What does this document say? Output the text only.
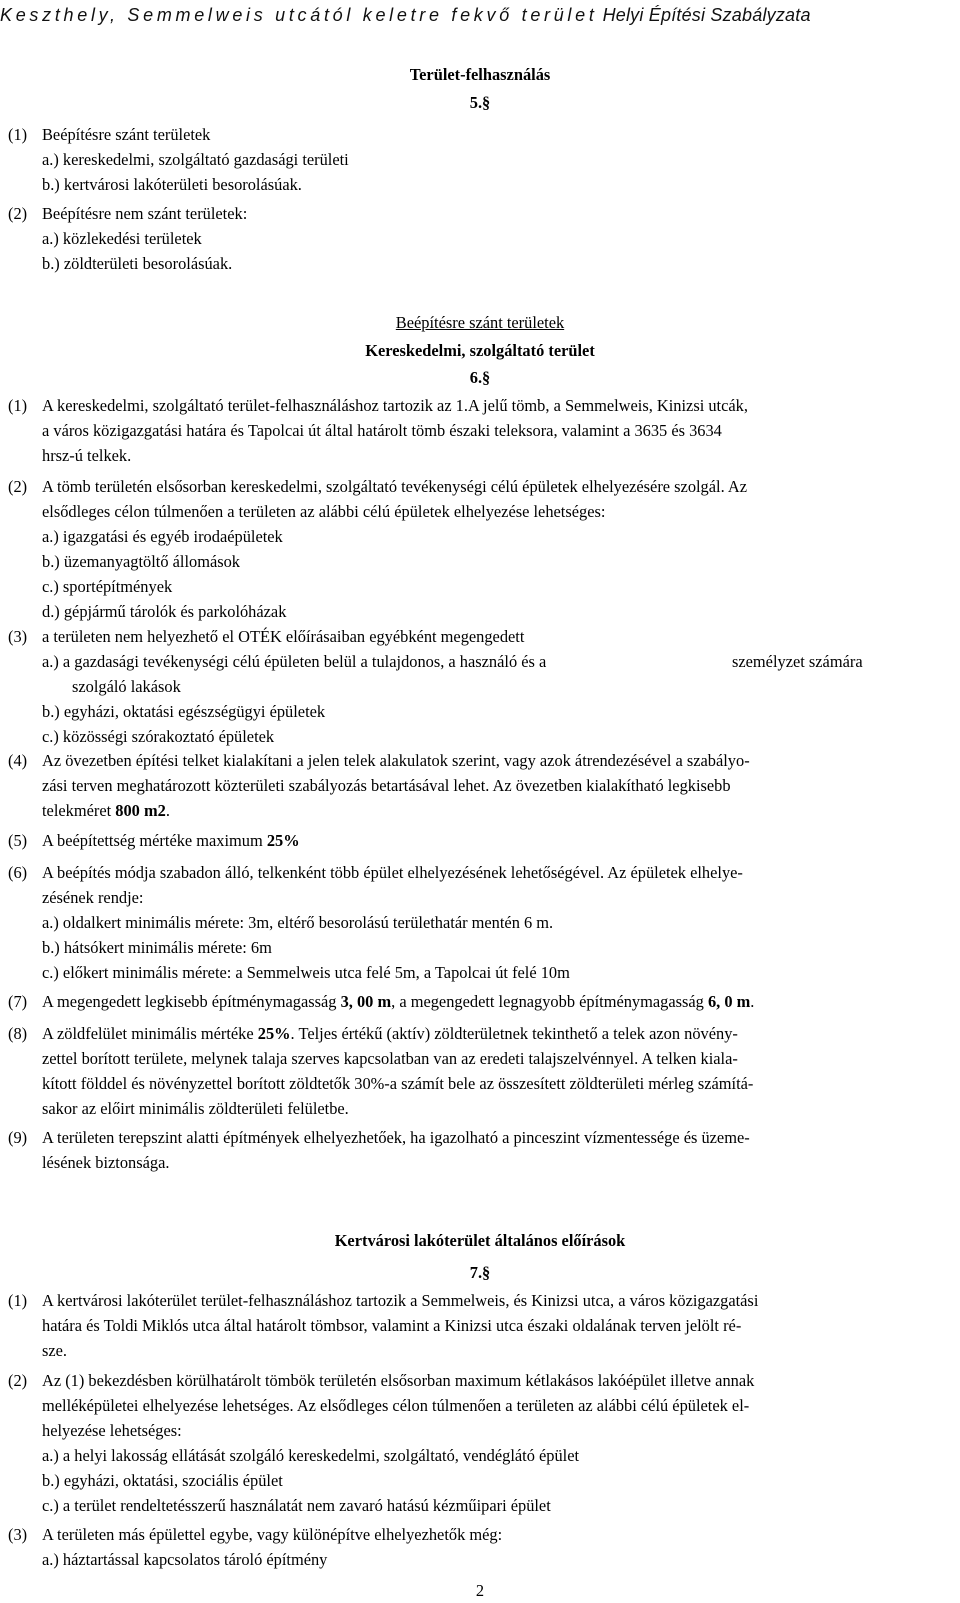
Keszthely, Semmelweis utcától keletre fekvő terület Helyi Építési Szabályzata
Terület-felhasználás
5.§
(1) Beépítésre szánt területek
a.) kereskedelmi, szolgáltató gazdasági területi
b.) kertvárosi lakóterületi besorolásúak.
(2) Beépítésre nem szánt területek:
a.) közlekedési területek
b.) zöldterületi besorolásúak.
Beépítésre szánt területek
Kereskedelmi, szolgáltató terület
6.§
(1) A kereskedelmi, szolgáltató terület-felhasználáshoz tartozik az 1.A jelű tömb, a Semmelweis, Kinizsi utcák,
a város közigazgatási határa és Tapolcai út által határolt tömb északi teleksora, valamint a 3635 és 3634
hrsz-ú telkek.
(2) A tömb területén elsősorban kereskedelmi, szolgáltató tevékenységi célú épületek elhelyezésére szolgál. Az
elsődleges célon túlmenően a területen az alábbi célú épületek elhelyezése lehetséges:
a.) igazgatási és egyéb irodaépületek
b.) üzemanyagtöltő állomások
c.) sportépítmények
d.) gépjármű tárolók és parkolóházak
(3) a területen nem helyezhető el OTÉK előírásaiban egyébként megengedett
a.) a gazdasági tevékenységi célú épületen belül a tulajdonos, a használó és a	személyzet számára
szolgáló lakások
b.) egyházi, oktatási egészségügyi épületek
c.) közösségi szórakoztató épületek
(4) Az övezetben építési telket kialakítani a jelen telek alakulatok szerint, vagy azok átrendezésével a szabályo-
zási terven meghatározott közterületi szabályozás betartásával lehet. Az övezetben kialakítható legkisebb
telekméret 800 m2.
(5) A beépítettség mértéke maximum 25%
(6) A beépítés módja szabadon álló, telkenként több épület elhelyezésének lehetőségével. Az épületek elhelye-
zésének rendje:
a.) oldalkert minimális mérete: 3m, eltérő besorolású területhatár mentén 6 m.
b.) hátsókert minimális mérete: 6m
c.) előkert minimális mérete: a Semmelweis utca felé 5m, a Tapolcai út felé 10m
(7) A megengedett legkisebb építménymagasság 3, 00 m, a megengedett legnagyobb építménymagasság 6, 0 m.
(8) A zöldfelület minimális mértéke 25%. Teljes értékű (aktív) zöldterületnek tekinthető a telek azon növény-
zettel borított területe, melynek talaja szerves kapcsolatban van az eredeti talajszelvénnyel. A telken kiala-
kított földdel és növényzettel borított zöldtetők 30%-a számít bele az összesített zöldterületi mérleg számítá-
sakor az előirt minimális zöldterületi felületbe.
(9) A területen terepszint alatti építmények elhelyezhetőek, ha igazolható a pinceszint vízmentessége és üzeme-
lésének biztonsága.
Kertvárosi lakóterület általános előírások
7.§
(1) A kertvárosi lakóterület terület-felhasználáshoz tartozik a Semmelweis, és Kinizsi utca, a város közigazgatási
határa és Toldi Miklós utca által határolt tömbsor, valamint a Kinizsi utca északi oldalának terven jelölt ré-
sze.
(2) Az (1) bekezdésben körülhatárolt tömbök területén elsősorban maximum kétlakásos lakóépület illetve annak
melléképületei elhelyezése lehetséges. Az elsődleges célon túlmenően a területen az alábbi célú épületek el-
helyezése lehetséges:
a.) a helyi lakosság ellátását szolgáló kereskedelmi, szolgáltató, vendéglátó épület
b.) egyházi, oktatási, szociális épület
c.) a terület rendeltetésszerű használatát nem zavaró hatású kézműipari épület
(3) A területen más épülettel egybe, vagy különépítve elhelyezhetők még:
a.) háztartással kapcsolatos tároló építmény
2
